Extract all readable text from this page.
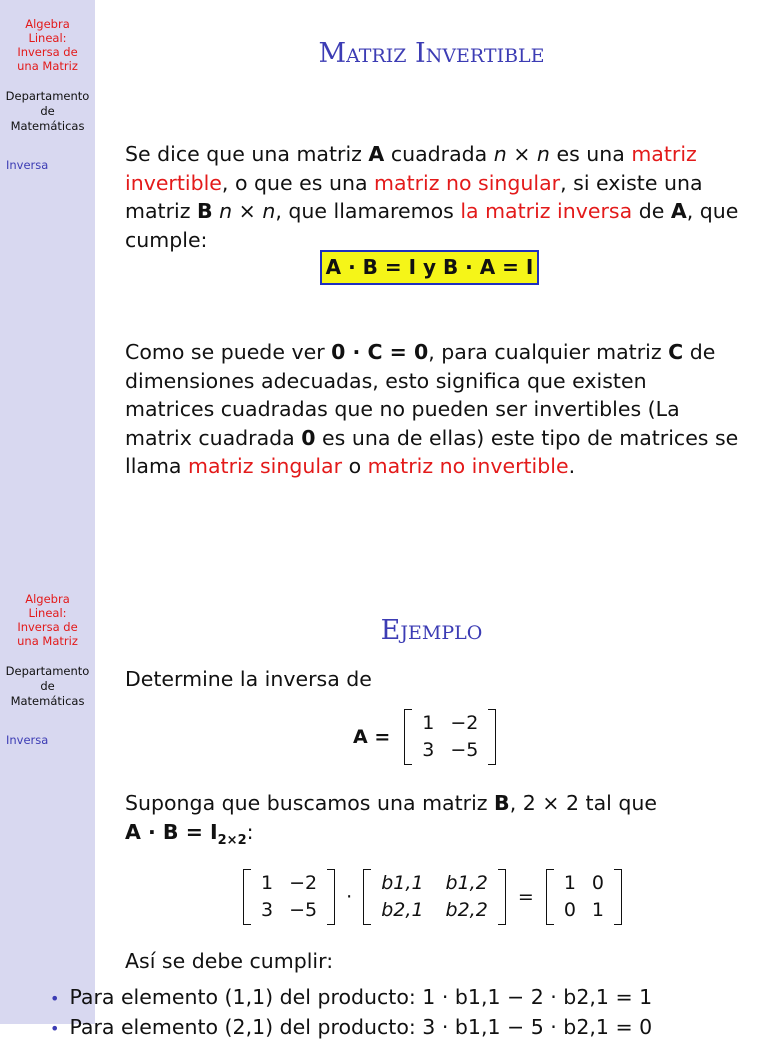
Algebra
Lineal:
Inversa de
una Matriz
Departamento
de
Matemáticas
Inversa
Algebra
Lineal:
Inversa de
una Matriz
Departamento
de
Matemáticas
Inversa
Matriz Invertible
Se dice que una matriz A cuadrada n × n es una matriz invertible, o que es una matriz no singular, si existe una matriz B n × n, que llamaremos la matriz inversa de A, que cumple:
A · B = I y B · A = I
Como se puede ver 0 · C = 0, para cualquier matriz C de dimensiones adecuadas, esto significa que existen matrices cuadradas que no pueden ser invertibles (La matrix cuadrada 0 es una de ellas) este tipo de matrices se llama matriz singular o matriz no invertible.
Ejemplo
Determine la inversa de
A =
1 −2
3 −5
Suponga que buscamos una matriz B, 2 × 2 tal que
$A \cdot B = I_{2\times 2}$:
1 −2
3 −5
·
b1,1 b1,2
b2,1 b2,2
=
1 0
0 1
Así se debe cumplir:
• Para elemento (1,1) del producto: 1 · b1,1 − 2 · b2,1 = 1
• Para elemento (2,1) del producto: 3 · b1,1 − 5 · b2,1 = 0
